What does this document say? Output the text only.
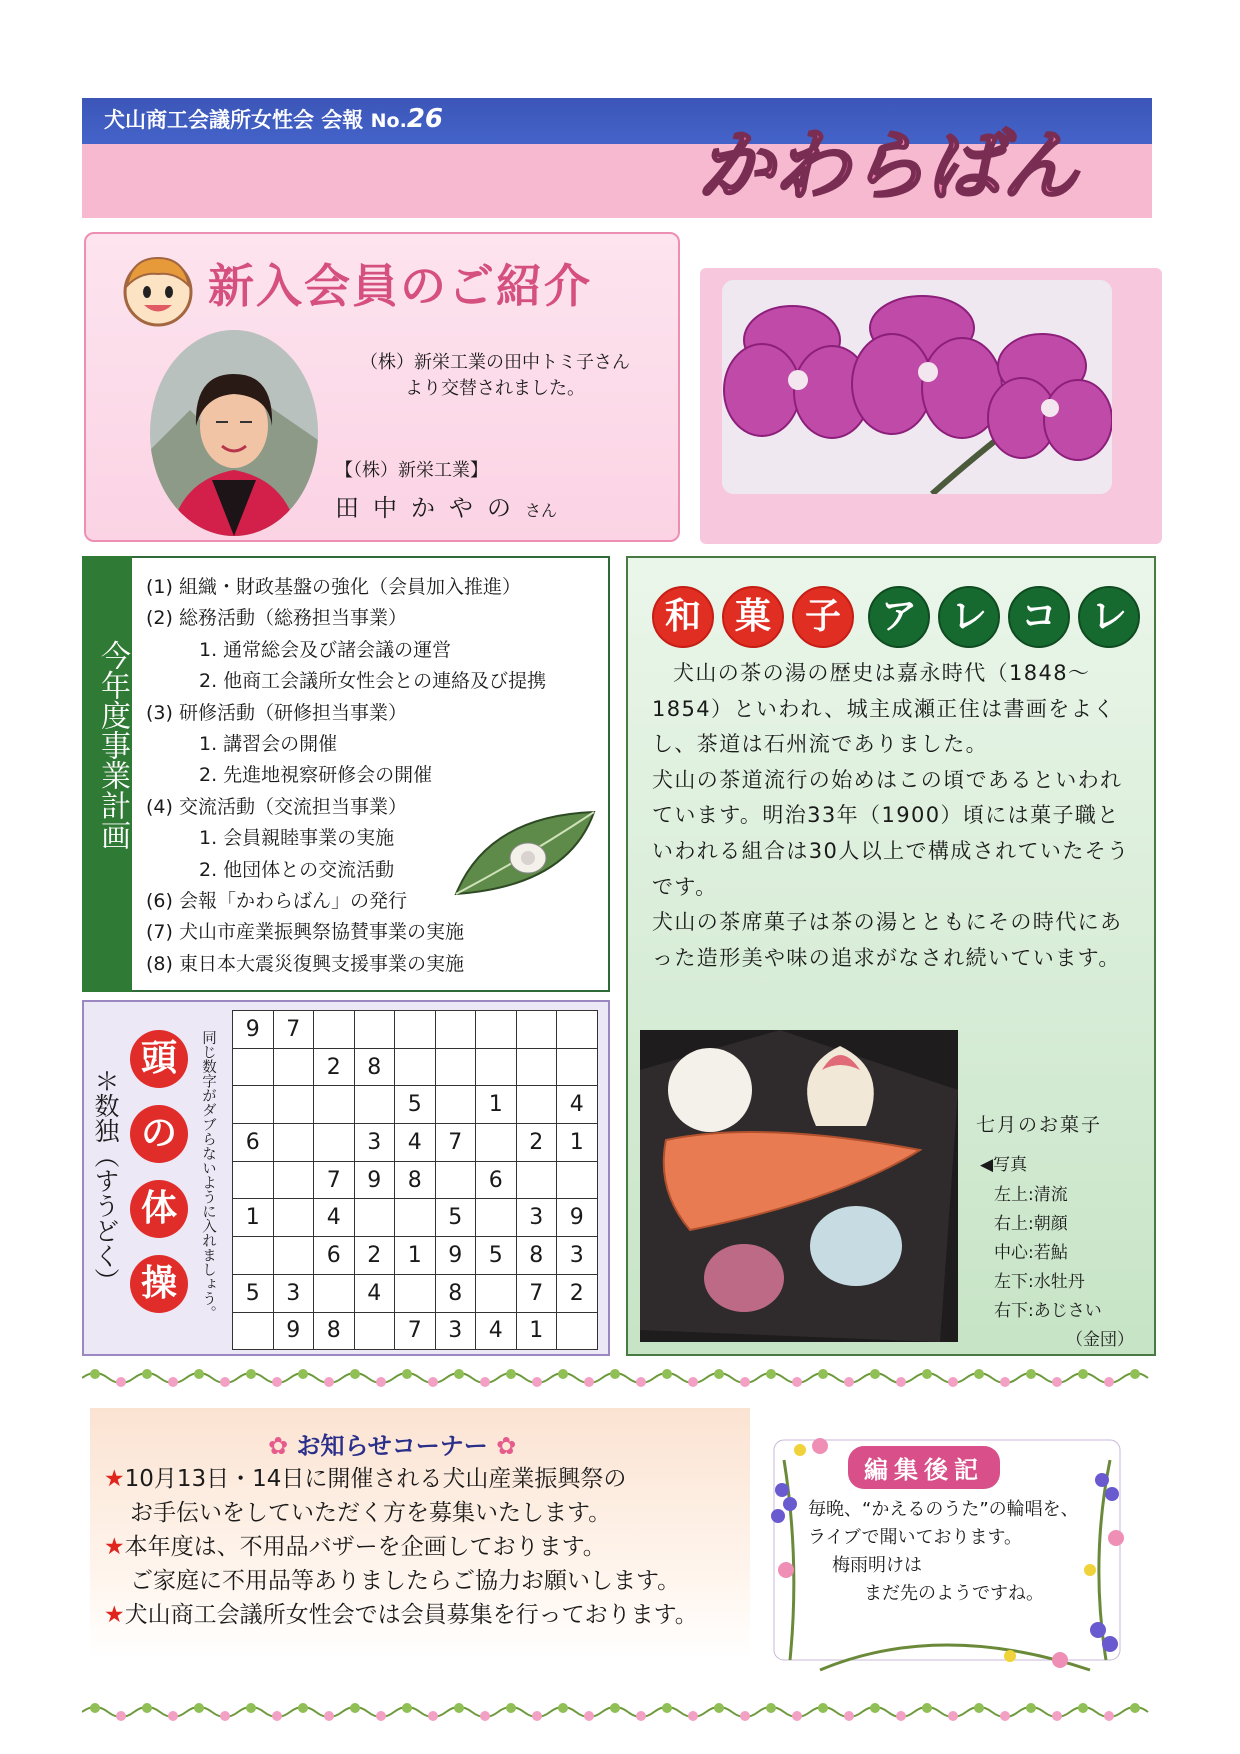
犬山商工会議所女性会 会報 No.26
かわらばん
新入会員のご紹介
（株）新栄工業の田中トミ子さん
より交替されました。
【（株）新栄工業】
田中かやのさん
今年度事業計画
(1) 組織・財政基盤の強化（会員加入推進）
(2) 総務活動（総務担当事業）
1. 通常総会及び諸会議の運営
2. 他商工会議所女性会との連絡及び提携
(3) 研修活動（研修担当事業）
1. 講習会の開催
2. 先進地視察研修会の開催
(4) 交流活動（交流担当事業）
1. 会員親睦事業の実施
2. 他団体との交流活動
(6) 会報「かわらばん」の発行
(7) 犬山市産業振興祭協賛事業の実施
(8) 東日本大震災復興支援事業の実施
頭
の
体
操
＊数独（すうどく）	同じ数字がダブらないように入れましょう。
9	7							
		2	8					
				5		1		4
6			3	4	7		2	1
		7	9	8		6		
1		4			5		3	9
		6	2	1	9	5	8	3
5	3		4		8		7	2
	9	8		7	3	4	1	
和 菓 子 ア レ コ レ

犬山の茶の湯の歴史は嘉永時代（1848～1854）といわれ、城主成瀬正住は書画をよくし、茶道は石州流でありました。

犬山の茶道流行の始めはこの頃であるといわれています。明治33年（1900）頃には菓子職といわれる組合は30人以上で構成されていたそうです。

犬山の茶席菓子は茶の湯とともにその時代にあった造形美や味の追求がなされ続いています。

七月のお菓子
◀写真
左上:清流
右上:朝顔
中心:若鮎
左下:水牡丹
右下:あじさい
（金団）
✿ お知らせコーナー ✿
★10月13日・14日に開催される犬山産業振興祭の
お手伝いをしていただく方を募集いたします。
★本年度は、不用品バザーを企画しております。
ご家庭に不用品等ありましたらご協力お願いします。
★犬山商工会議所女性会では会員募集を行っております。
編集後記
毎晩、“かえるのうた”の輪唱を、
ライブで聞いております。
梅雨明けは
まだ先のようですね。
